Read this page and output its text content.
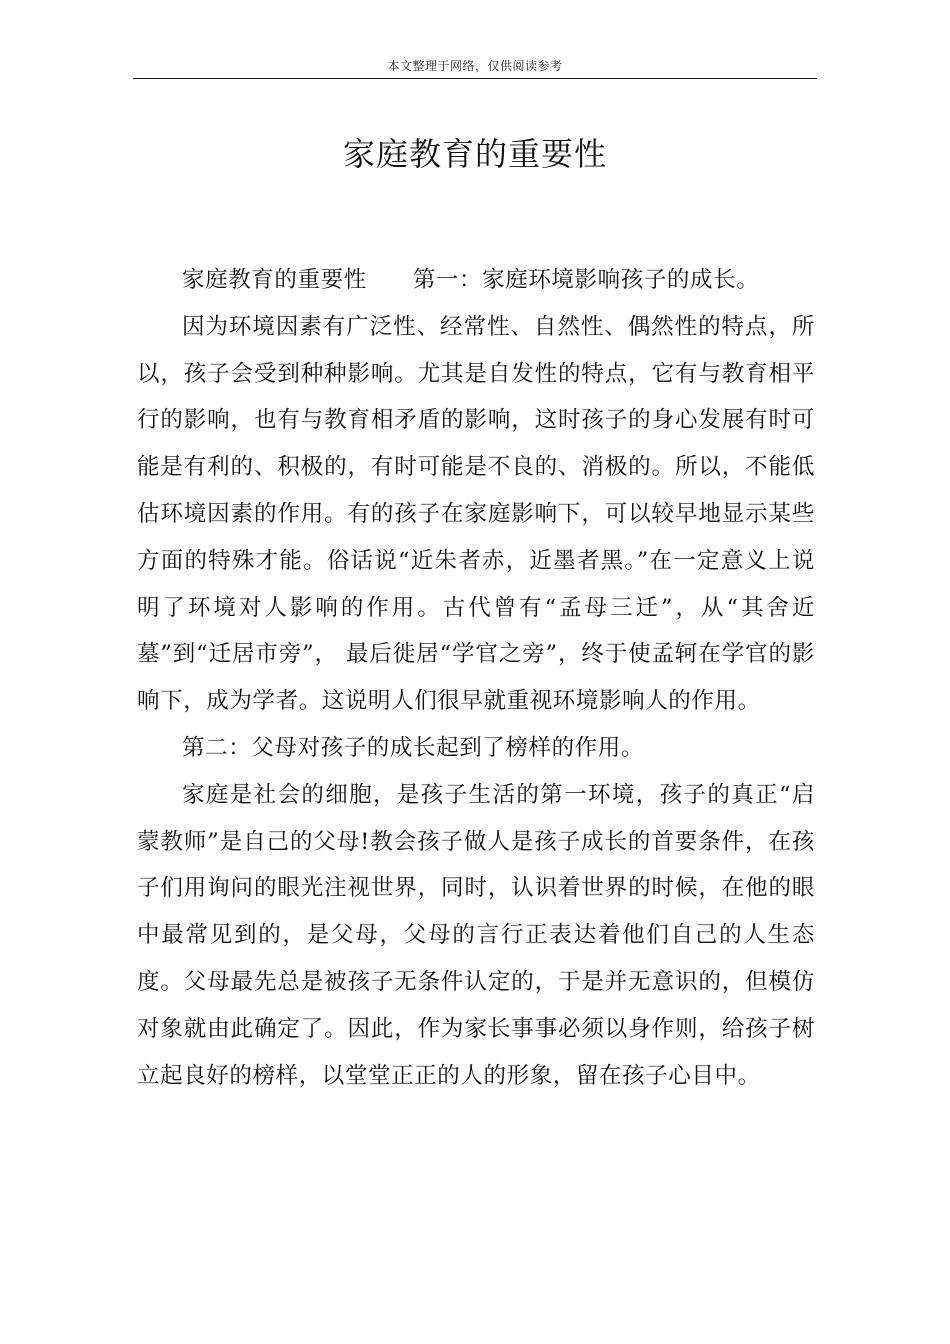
本文整理于网络，仅供阅读参考
家庭教育的重要性

家庭教育的重要性 第一：家庭环境影响孩子的成长。

因为环境因素有广泛性、经常性、自然性、偶然性的特点，所以，孩子会受到种种影响。尤其是自发性的特点，它有与教育相平行的影响，也有与教育相矛盾的影响，这时孩子的身心发展有时可能是有利的、积极的，有时可能是不良的、消极的。所以，不能低估环境因素的作用。有的孩子在家庭影响下，可以较早地显示某些方面的特殊才能。俗话说“近朱者赤，近墨者黑。”在一定意义上说明了环境对人影响的作用。古代曾有“孟母三迁”，从“其舍近墓”到“迁居市旁”， 最后徙居“学官之旁”，终于使孟轲在学官的影响下，成为学者。这说明人们很早就重视环境影响人的作用。

第二：父母对孩子的成长起到了榜样的作用。

家庭是社会的细胞，是孩子生活的第一环境，孩子的真正“启蒙教师”是自己的父母!教会孩子做人是孩子成长的首要条件，在孩子们用询问的眼光注视世界，同时，认识着世界的时候，在他的眼中最常见到的，是父母，父母的言行正表达着他们自己的人生态度。父母最先总是被孩子无条件认定的，于是并无意识的，但模仿对象就由此确定了。因此，作为家长事事必须以身作则，给孩子树立起良好的榜样，以堂堂正正的人的形象，留在孩子心目中。
